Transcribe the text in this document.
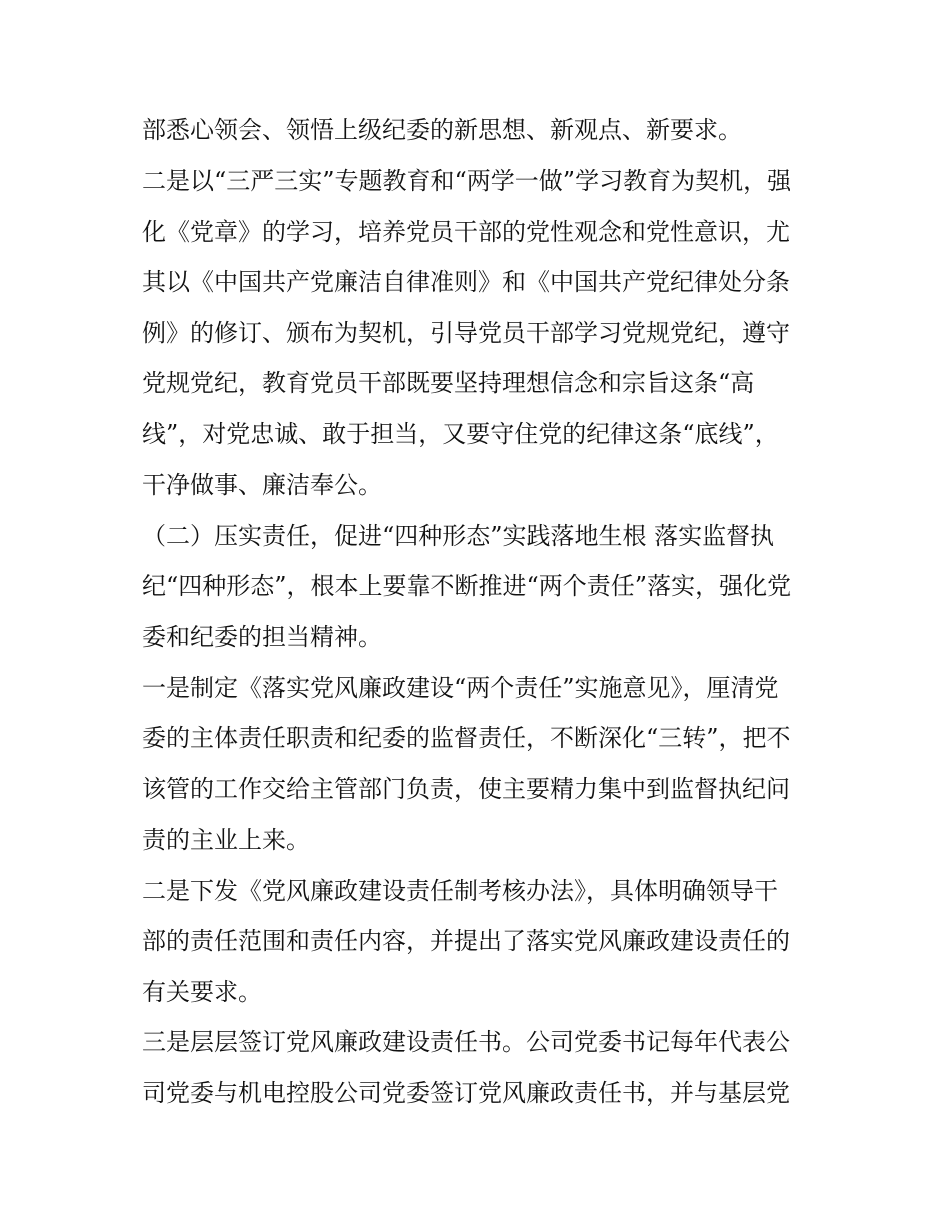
部悉心领会、领悟上级纪委的新思想、新观点、新要求。
二是以“三严三实”专题教育和“两学一做”学习教育为契机，强
化《党章》的学习，培养党员干部的党性观念和党性意识，尤
其以《中国共产党廉洁自律准则》和《中国共产党纪律处分条
例》的修订、颁布为契机，引导党员干部学习党规党纪，遵守
党规党纪，教育党员干部既要坚持理想信念和宗旨这条“高
线”，对党忠诚、敢于担当，又要守住党的纪律这条“底线”，
干净做事、廉洁奉公。
（二）压实责任，促进“四种形态”实践落地生根 落实监督执
纪“四种形态”，根本上要靠不断推进“两个责任”落实，强化党
委和纪委的担当精神。
一是制定《落实党风廉政建设“两个责任”实施意见》，厘清党
委的主体责任职责和纪委的监督责任，不断深化“三转”，把不
该管的工作交给主管部门负责，使主要精力集中到监督执纪问
责的主业上来。
二是下发《党风廉政建设责任制考核办法》，具体明确领导干
部的责任范围和责任内容，并提出了落实党风廉政建设责任的
有关要求。
三是层层签订党风廉政建设责任书。公司党委书记每年代表公
司党委与机电控股公司党委签订党风廉政责任书，并与基层党
